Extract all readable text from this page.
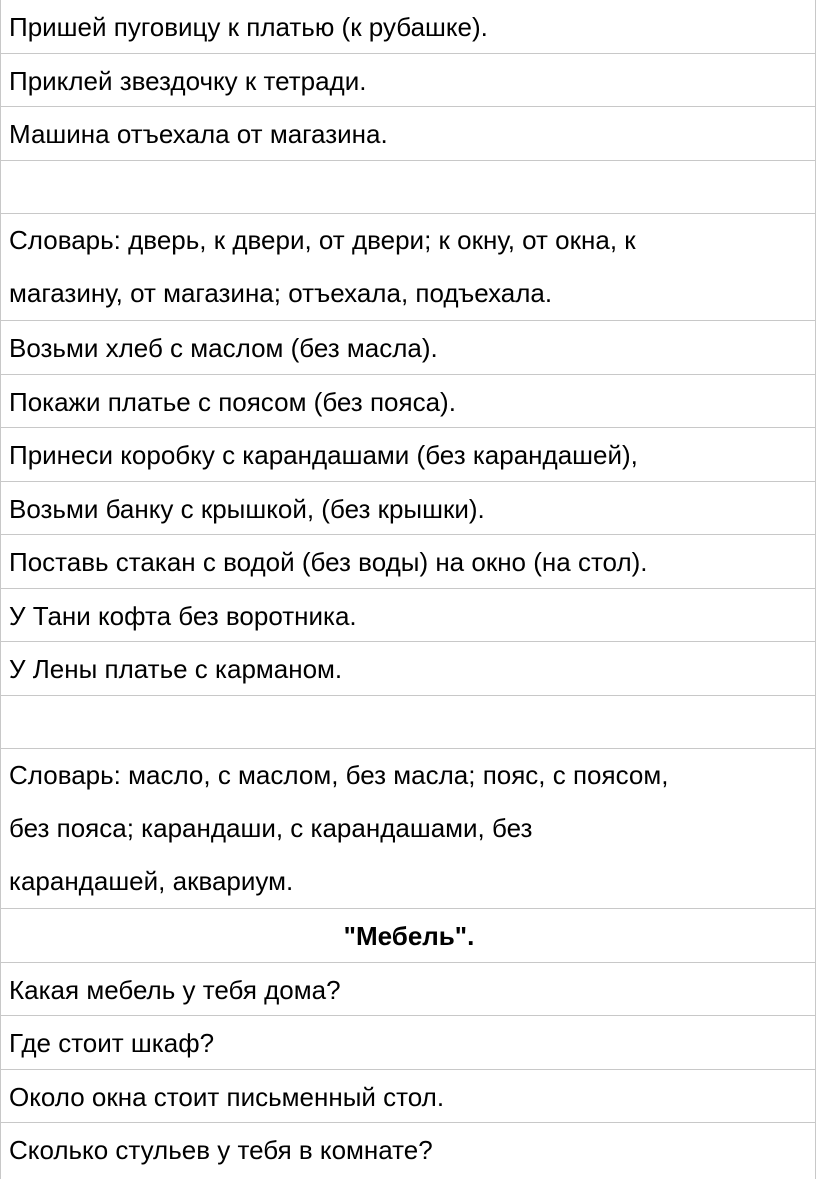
Пришей пуговицу к платью (к рубашке).
Приклей звездочку к тетради.
Машина отъехала от магазина.
Словарь: дверь, к двери, от двери; к окну, от окна, к
магазину, от магазина; отъехала, подъехала.
Возьми хлеб с маслом (без масла).
Покажи платье с поясом (без пояса).
Принеси коробку с карандашами (без карандашей),
Возьми банку с крышкой, (без крышки).
Поставь стакан с водой (без воды) на окно (на стол).
У Тани кофта без воротника.
У Лены платье с карманом.
Словарь: масло, с маслом, без масла; пояс, с поясом,
без пояса; карандаши, с карандашами, без
карандашей, аквариум.
"Мебель".
Какая мебель у тебя дома?
Где стоит шкаф?
Около окна стоит письменный стол.
Сколько стульев у тебя в комнате?
